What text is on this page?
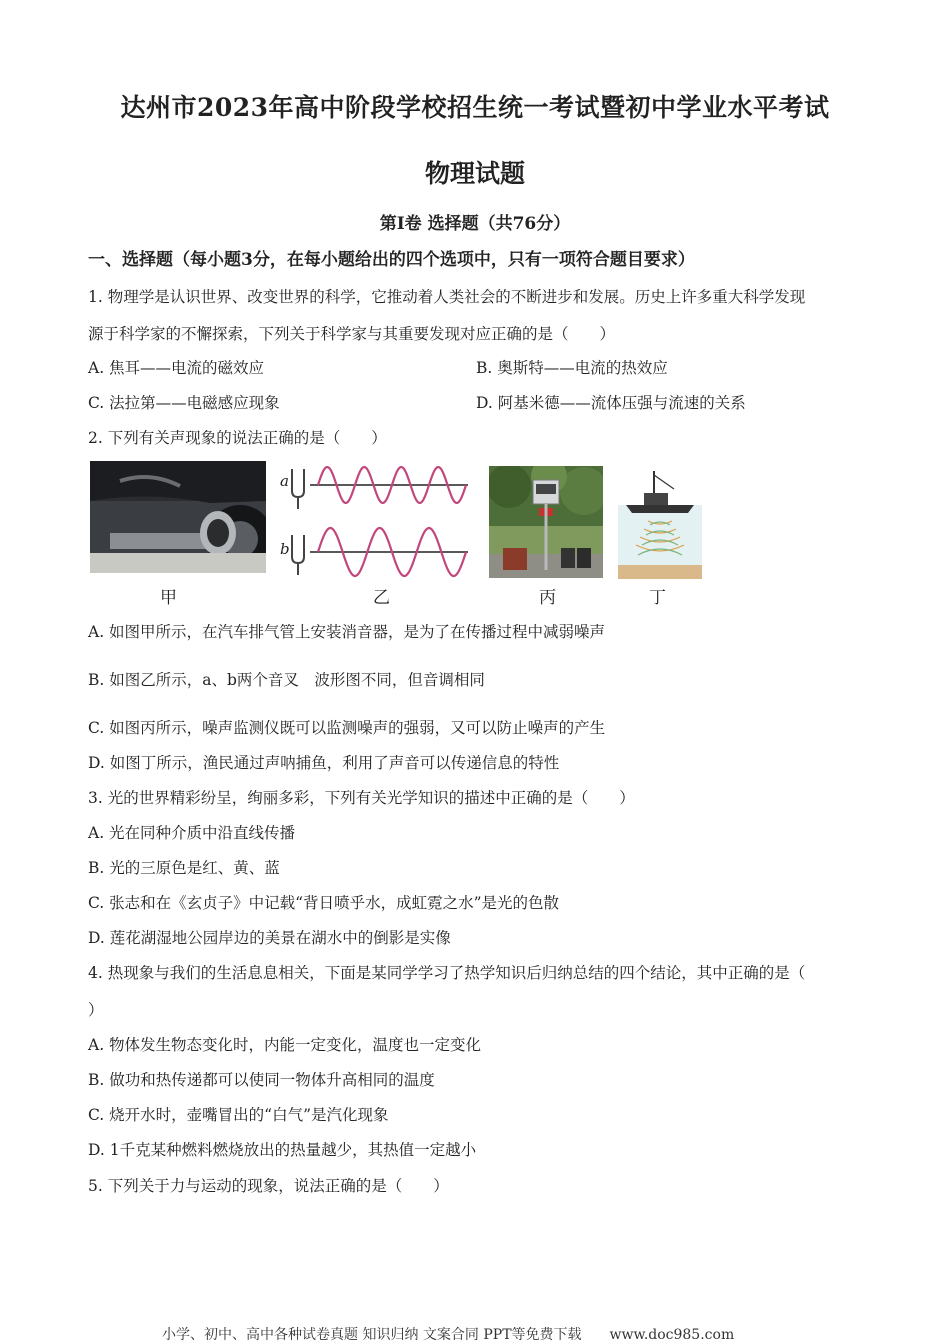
达州市2023年高中阶段学校招生统一考试暨初中学业水平考试
物理试题
第Ⅰ卷 选择题（共76分）
一、选择题（每小题3分，在每小题给出的四个选项中，只有一项符合题目要求）
1. 物理学是认识世界、改变世界的科学，它推动着人类社会的不断进步和发展。历史上许多重大科学发现
源于科学家的不懈探索，下列关于科学家与其重要发现对应正确的是（　　）
A. 焦耳——电流的磁效应	B. 奥斯特——电流的热效应
C. 法拉第——电磁感应现象	D. 阿基米德——流体压强与流速的关系
2. 下列有关声现象的说法正确的是（　　）
甲
a
b
乙	丙	丁
A. 如图甲所示，在汽车排气管上安装消音器，是为了在传播过程中减弱噪声
B. 如图乙所示，a、b两个音叉　波形图不同，但音调相同
C. 如图丙所示，噪声监测仪既可以监测噪声的强弱，又可以防止噪声的产生
D. 如图丁所示，渔民通过声呐捕鱼，利用了声音可以传递信息的特性
3. 光的世界精彩纷呈，绚丽多彩，下列有关光学知识的描述中正确的是（　　）
A. 光在同种介质中沿直线传播
B. 光的三原色是红、黄、蓝
C. 张志和在《玄贞子》中记载“背日喷乎水，成虹霓之水”是光的色散
D. 莲花湖湿地公园岸边的美景在湖水中的倒影是实像
4. 热现象与我们的生活息息相关，下面是某同学学习了热学知识后归纳总结的四个结论，其中正确的是（
）
A. 物体发生物态变化时，内能一定变化，温度也一定变化
B. 做功和热传递都可以使同一物体升高相同的温度
C. 烧开水时，壶嘴冒出的“白气”是汽化现象
D. 1千克某种燃料燃烧放出的热量越少，其热值一定越小
5. 下列关于力与运动的现象，说法正确的是（　　）
小学、初中、高中各种试卷真题 知识归纳 文案合同 PPT等免费下载　　www.doc985.com
